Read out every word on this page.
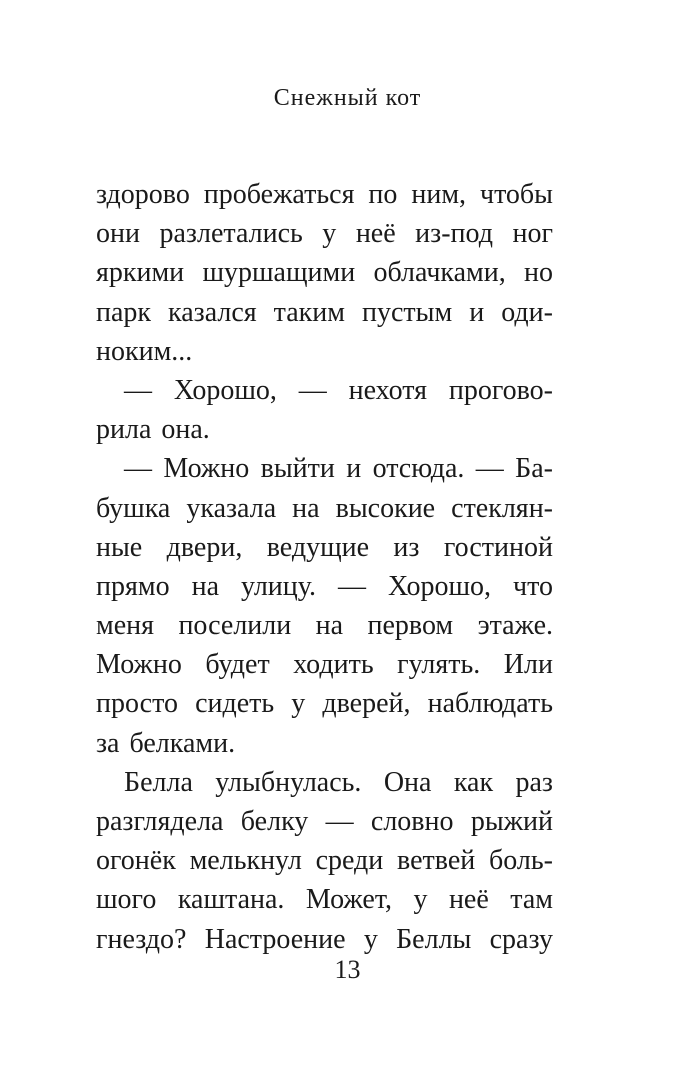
Снежный кот
здорово пробежаться по ним, чтобы
они разлетались у неё из-под ног
яркими шуршащими облачками, но
парк казался таким пустым и оди-
ноким...
— Хорошо, — нехотя прогово-
рила она.
— Можно выйти и отсюда. — Ба-
бушка указала на высокие стеклян-
ные двери, ведущие из гостиной
прямо на улицу. — Хорошо, что
меня поселили на первом этаже.
Можно будет ходить гулять. Или
просто сидеть у дверей, наблюдать
за белками.
Белла улыбнулась. Она как раз
разглядела белку — словно рыжий
огонёк мелькнул среди ветвей боль-
шого каштана. Может, у неё там
гнездо? Настроение у Беллы сразу
13
